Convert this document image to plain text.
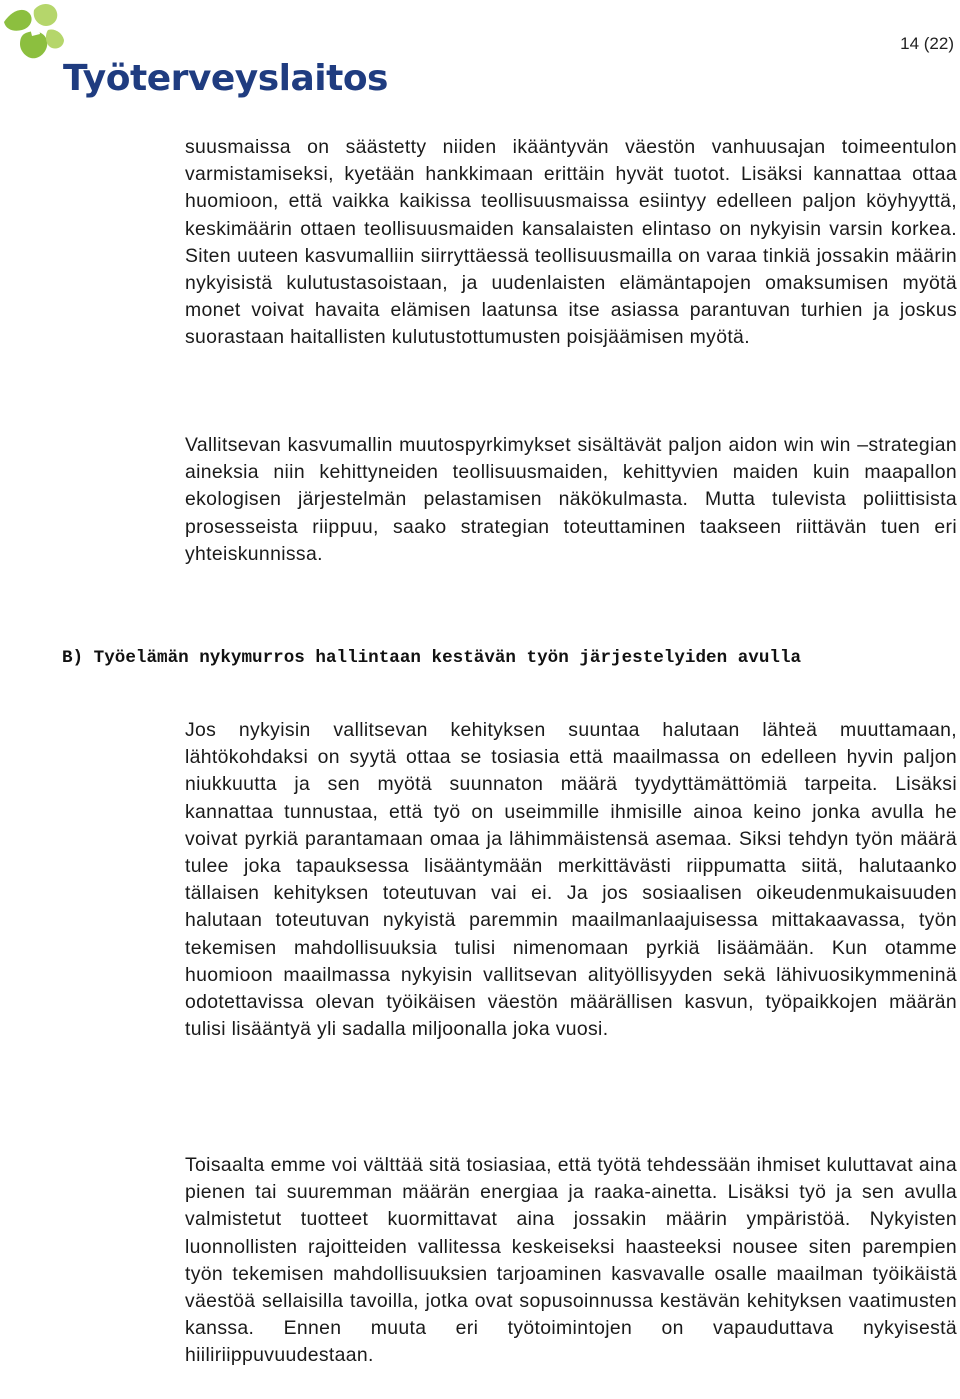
Työterveyslaitos
14 (22)

suusmaissa on säästetty niiden ikääntyvän väestön vanhuusajan toimeentulon varmistamiseksi, kyetään hankkimaan erittäin hyvät tuotot. Lisäksi kannattaa ottaa huomioon, että vaikka kaikissa teollisuusmaissa esiintyy edelleen paljon köyhyyttä, keskimäärin ottaen teollisuusmaiden kansalaisten elintaso on nykyisin varsin korkea. Siten uuteen kasvumalliin siirryttäessä teollisuusmailla on varaa tinkiä jossakin määrin nykyisistä kulutustasoistaan, ja uudenlaisten elämäntapojen omaksumisen myötä monet voivat havaita elämisen laatunsa itse asiassa parantuvan turhien ja joskus suorastaan haitallisten kulutustottumusten poisjäämisen myötä.

Vallitsevan kasvumallin muutospyrkimykset sisältävät paljon aidon win win –strategian aineksia niin kehittyneiden teollisuusmaiden, kehittyvien maiden kuin maapallon ekologisen järjestelmän pelastamisen näkökulmasta. Mutta tulevista poliittisista prosesseista riippuu, saako strategian toteuttaminen taakseen riittävän tuen eri yhteiskunnissa.

B) Työelämän nykymurros hallintaan kestävän työn järjestelyiden avulla

Jos nykyisin vallitsevan kehityksen suuntaa halutaan lähteä muuttamaan, lähtökohdaksi on syytä ottaa se tosiasia että maailmassa on edelleen hyvin paljon niukkuutta ja sen myötä suunnaton määrä tyydyttämättömiä tarpeita. Lisäksi kannattaa tunnustaa, että työ on useimmille ihmisille ainoa keino jonka avulla he voivat pyrkiä parantamaan omaa ja lähimmäistensä asemaa. Siksi tehdyn työn määrä tulee joka tapauksessa lisääntymään merkittävästi riippumatta siitä, halutaanko tällaisen kehityksen toteutuvan vai ei. Ja jos sosiaalisen oikeudenmukaisuuden halutaan toteutuvan nykyistä paremmin maailmanlaajuisessa mittakaavassa, työn tekemisen mahdollisuuksia tulisi nimenomaan pyrkiä lisäämään. Kun otamme huomioon maailmassa nykyisin vallitsevan alityöllisyyden sekä lähivuosikymmeninä odotettavissa olevan työikäisen väestön määrällisen kasvun, työpaikkojen määrän tulisi lisääntyä yli sadalla miljoonalla joka vuosi.

Toisaalta emme voi välttää sitä tosiasiaa, että työtä tehdessään ihmiset kuluttavat aina pienen tai suuremman määrän energiaa ja raaka-ainetta. Lisäksi työ ja sen avulla valmistetut tuotteet kuormittavat aina jossakin määrin ympäristöä. Nykyisten luonnollisten rajoitteiden vallitessa keskeiseksi haasteeksi nousee siten parempien työn tekemisen mahdollisuuksien tarjoaminen kasvavalle osalle maailman työikäistä väestöä sellaisilla tavoilla, jotka ovat sopusoinnussa kestävän kehityksen vaatimusten kanssa. Ennen muuta eri työtoimintojen on vapauduttava nykyisestä hiiliriippuvuudestaan.
